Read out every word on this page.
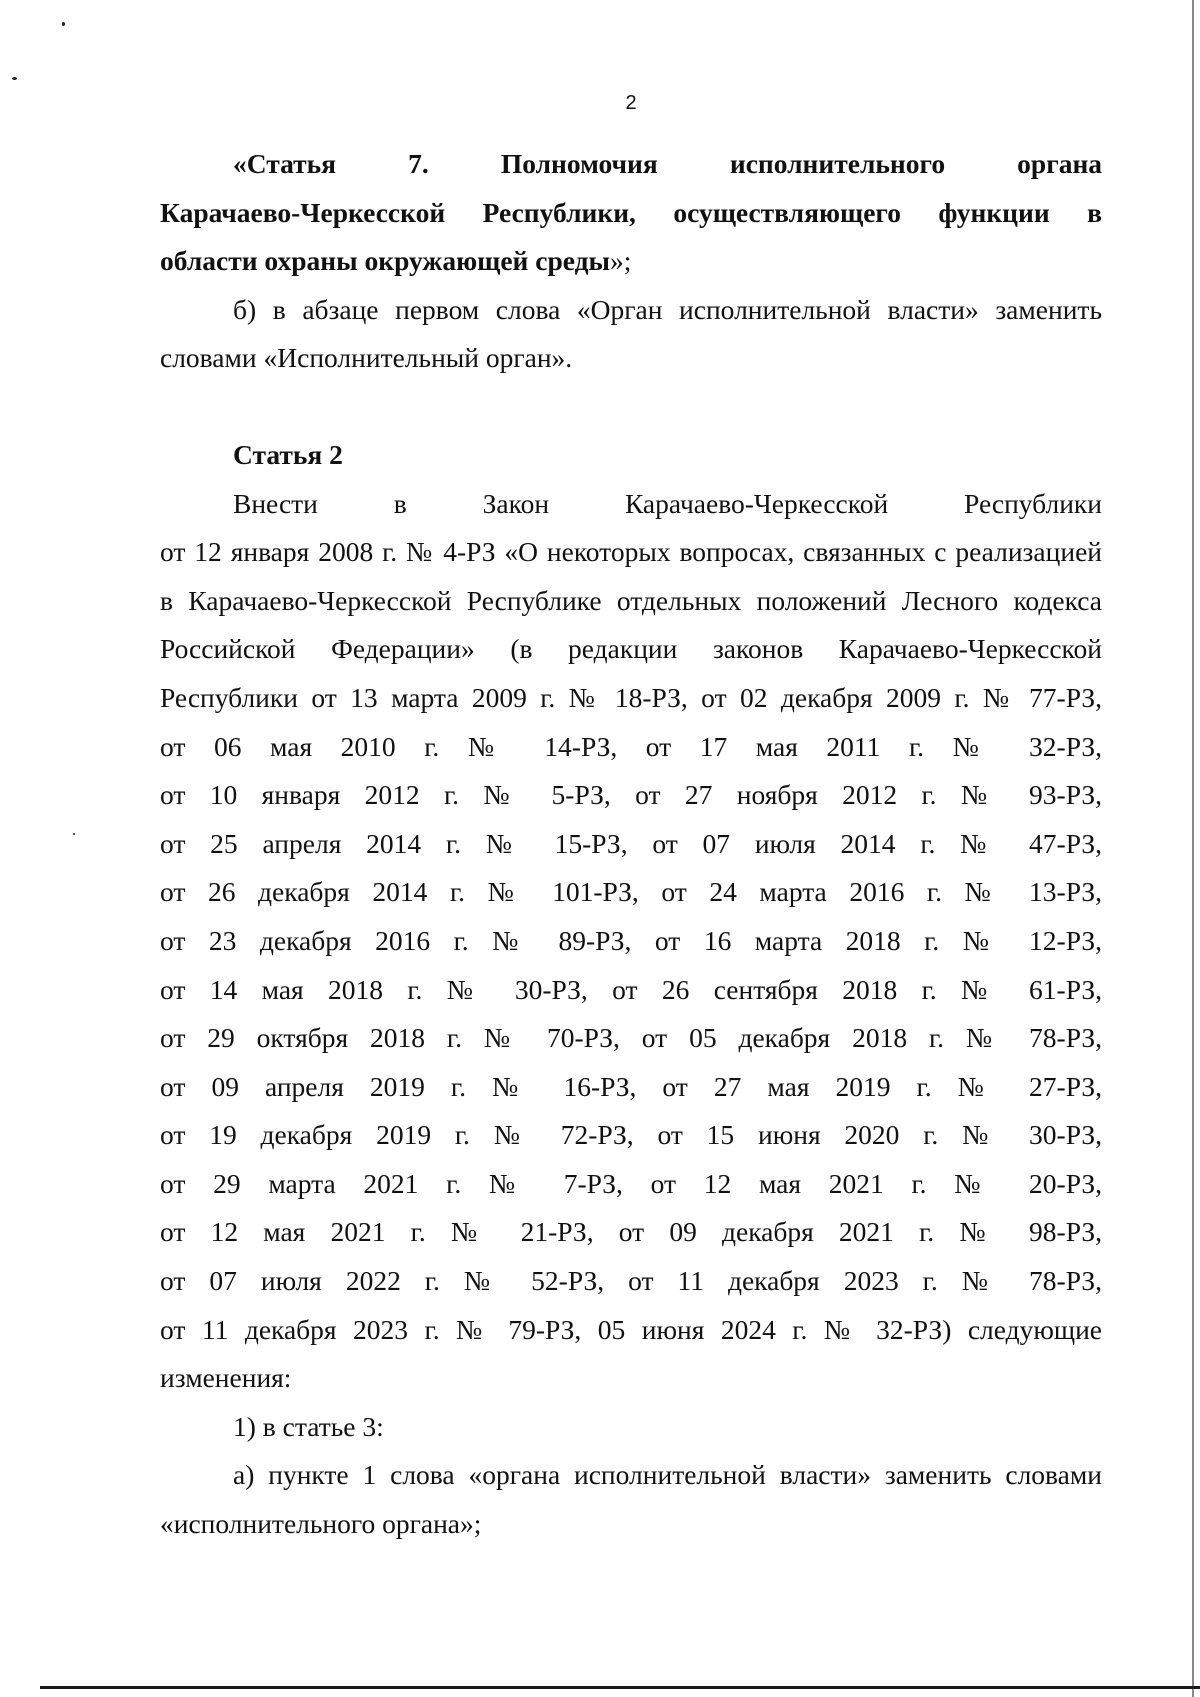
2
«Статья	7.	Полномочия	исполнительного	органа
Карачаево-Черкесской Республики, осуществляющего функции в
области охраны окружающей среды»;
б) в абзаце первом слова «Орган исполнительной власти» заменить
словами «Исполнительный орган».
Статья 2
Внести	в	Закон	Карачаево-Черкесской	Республики
от 12 января 2008 г. № 4-РЗ «О некоторых вопросах, связанных с реализацией
в Карачаево-Черкесской Республике отдельных положений Лесного кодекса
Российской Федерации» (в редакции законов Карачаево-Черкесской
Республики от 13 марта 2009 г. № 18-РЗ, от 02 декабря 2009 г. № 77-РЗ,
от 06 мая 2010 г. № 14-РЗ, от 17 мая 2011 г. № 32-РЗ,
от 10 января 2012 г. № 5-РЗ, от 27 ноября 2012 г. № 93-РЗ,
от 25 апреля 2014 г. № 15-РЗ, от 07 июля 2014 г. № 47-РЗ,
от 26 декабря 2014 г. № 101-РЗ, от 24 марта 2016 г. № 13-РЗ,
от 23 декабря 2016 г. № 89-РЗ, от 16 марта 2018 г. № 12-РЗ,
от 14 мая 2018 г. № 30-РЗ, от 26 сентября 2018 г. № 61-РЗ,
от 29 октября 2018 г. № 70-РЗ, от 05 декабря 2018 г. № 78-РЗ,
от 09 апреля 2019 г. № 16-РЗ, от 27 мая 2019 г. № 27-РЗ,
от 19 декабря 2019 г. № 72-РЗ, от 15 июня 2020 г. № 30-РЗ,
от 29 марта 2021 г. № 7-РЗ, от 12 мая 2021 г. № 20-РЗ,
от 12 мая 2021 г. № 21-РЗ, от 09 декабря 2021 г. № 98-РЗ,
от 07 июля 2022 г. № 52-РЗ, от 11 декабря 2023 г. № 78-РЗ,
от 11 декабря 2023 г. № 79-РЗ, 05 июня 2024 г. № 32-РЗ) следующие
изменения:
1) в статье 3:
а) пункте 1 слова «органа исполнительной власти» заменить словами
«исполнительного органа»;
